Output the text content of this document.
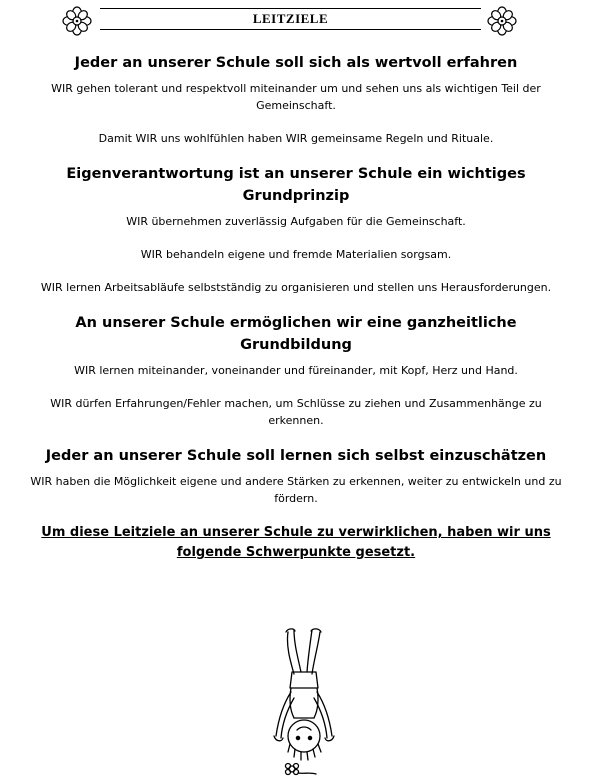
LEITZIELE
Jeder an unserer Schule soll sich als wertvoll erfahren
WIR gehen tolerant und respektvoll miteinander um und sehen uns als wichtigen Teil der Gemeinschaft.
Damit WIR uns wohlfühlen haben WIR gemeinsame Regeln und Rituale.
Eigenverantwortung ist an unserer Schule ein wichtiges Grundprinzip
WIR übernehmen zuverlässig Aufgaben für die Gemeinschaft.
WIR behandeln eigene und fremde Materialien sorgsam.
WIR lernen Arbeitsabläufe selbstständig zu organisieren und stellen uns Herausforderungen.
An unserer Schule ermöglichen wir eine ganzheitliche Grundbildung
WIR lernen miteinander, voneinander und füreinander, mit Kopf, Herz und Hand.
WIR dürfen Erfahrungen/Fehler machen, um Schlüsse zu ziehen und Zusammenhänge zu erkennen.
Jeder an unserer Schule soll lernen sich selbst einzuschätzen
WIR haben die Möglichkeit eigene und andere Stärken zu erkennen, weiter zu entwickeln und zu fördern.
Um diese Leitziele an unserer Schule zu verwirklichen, haben wir uns folgende Schwerpunkte gesetzt.
